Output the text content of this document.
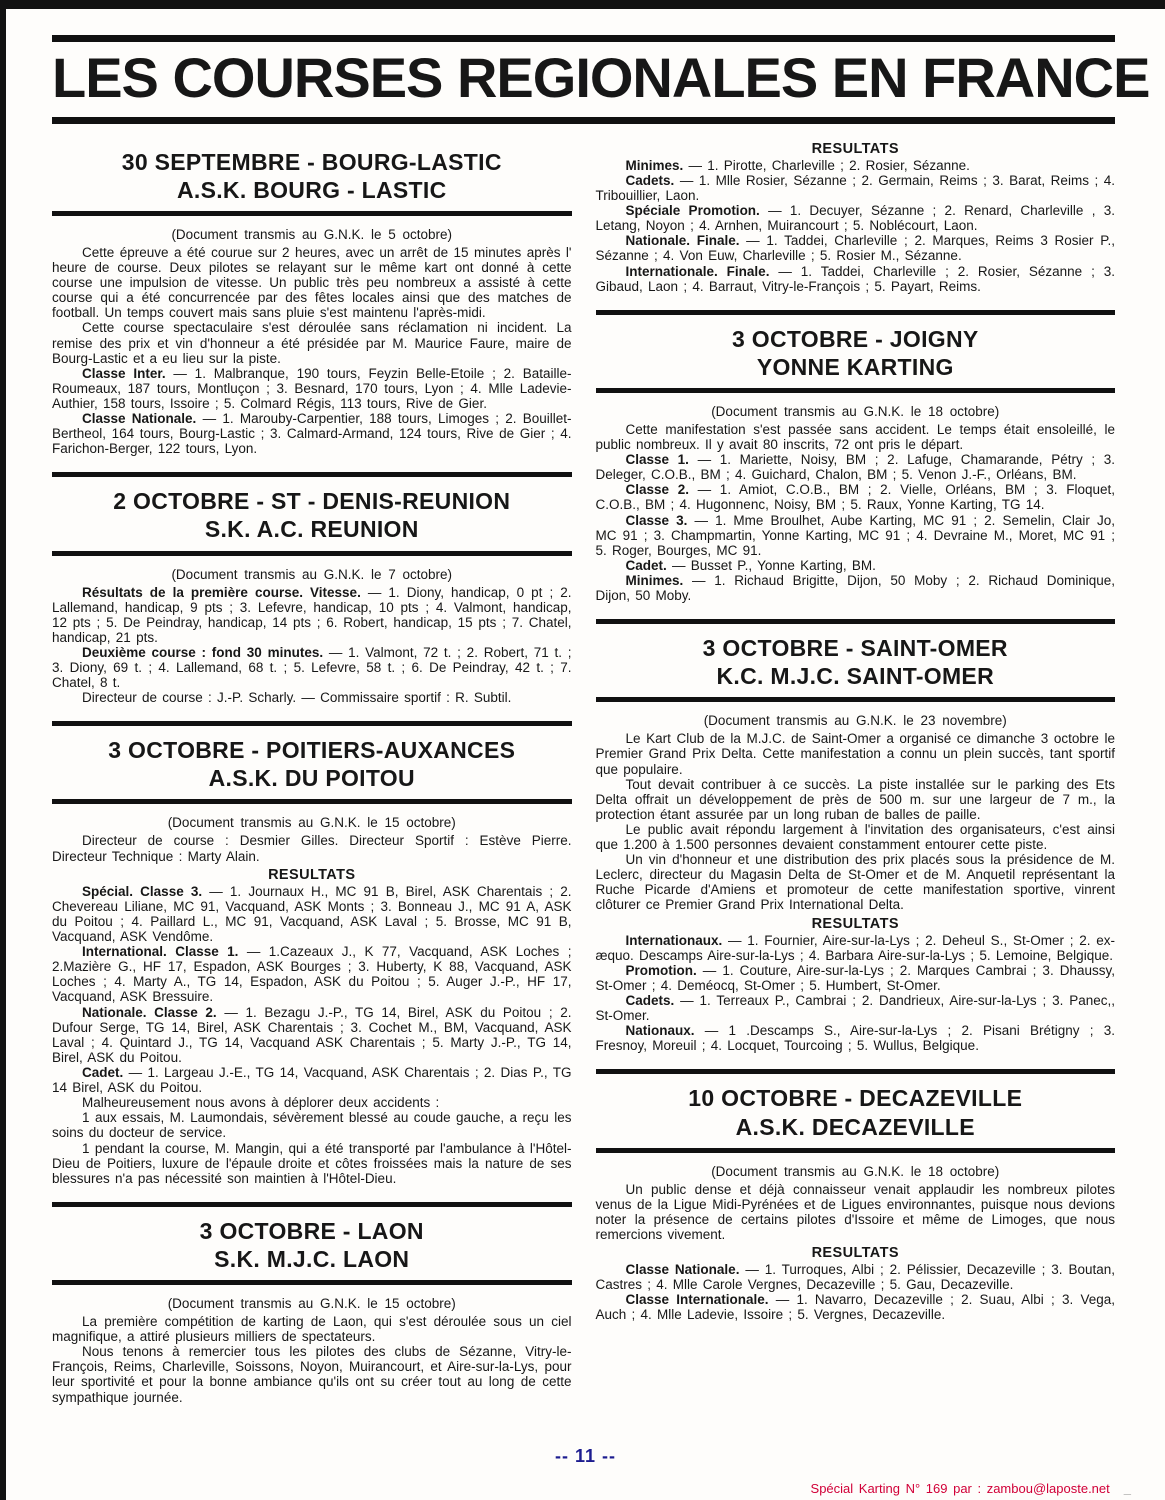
LES COURSES REGIONALES EN FRANCE
30 SEPTEMBRE - BOURG-LASTIC
A.S.K. BOURG - LASTIC
(Document transmis au G.N.K. le 5 octobre)

Cette épreuve a été courue sur 2 heures, avec un arrêt de 15 minutes après l' heure de course. Deux pilotes se relayant sur le même kart ont donné à cette course une impulsion de vitesse. Un public très peu nombreux a assisté à cette course qui a été concurrencée par des fêtes locales ainsi que des matches de football. Un temps couvert mais sans pluie s'est maintenu l'après-midi.

Cette course spectaculaire s'est déroulée sans réclamation ni incident. La remise des prix et vin d'honneur a été présidée par M. Maurice Faure, maire de Bourg-Lastic et a eu lieu sur la piste.

Classe Inter. — 1. Malbranque, 190 tours, Feyzin Belle-Etoile ; 2. Bataille-Roumeaux, 187 tours, Montluçon ; 3. Besnard, 170 tours, Lyon ; 4. Mlle Ladevie-Authier, 158 tours, Issoire ; 5. Colmard Régis, 113 tours, Rive de Gier.

Classe Nationale. — 1. Marouby-Carpentier, 188 tours, Limoges ; 2. Bouillet-Bertheol, 164 tours, Bourg-Lastic ; 3. Calmard-Armand, 124 tours, Rive de Gier ; 4. Farichon-Berger, 122 tours, Lyon.

2 OCTOBRE - ST - DENIS-REUNION
S.K. A.C. REUNION
(Document transmis au G.N.K. le 7 octobre)

Résultats de la première course. Vitesse. — 1. Diony, handicap, 0 pt ; 2. Lallemand, handicap, 9 pts ; 3. Lefevre, handicap, 10 pts ; 4. Valmont, handicap, 12 pts ; 5. De Peindray, handicap, 14 pts ; 6. Robert, handicap, 15 pts ; 7. Chatel, handicap, 21 pts.

Deuxième course : fond 30 minutes. — 1. Valmont, 72 t. ; 2. Robert, 71 t. ; 3. Diony, 69 t. ; 4. Lallemand, 68 t. ; 5. Lefevre, 58 t. ; 6. De Peindray, 42 t. ; 7. Chatel, 8 t.

Directeur de course : J.-P. Scharly. — Commissaire sportif : R. Subtil.

3 OCTOBRE - POITIERS-AUXANCES
A.S.K. DU POITOU
(Document transmis au G.N.K. le 15 octobre)

Directeur de course : Desmier Gilles. Directeur Sportif : Estève Pierre. Directeur Technique : Marty Alain.

RESULTATS

Spécial. Classe 3. — 1. Journaux H., MC 91 B, Birel, ASK Charentais ; 2. Chevereau Liliane, MC 91, Vacquand, ASK Monts ; 3. Bonneau J., MC 91 A, ASK du Poitou ; 4. Paillard L., MC 91, Vacquand, ASK Laval ; 5. Brosse, MC 91 B, Vacquand, ASK Vendôme.

International. Classe 1. — 1.Cazeaux J., K 77, Vacquand, ASK Loches ; 2.Mazière G., HF 17, Espadon, ASK Bourges ; 3. Huberty, K 88, Vacquand, ASK Loches ; 4. Marty A., TG 14, Espadon, ASK du Poitou ; 5. Auger J.-P., HF 17, Vacquand, ASK Bressuire.

Nationale. Classe 2. — 1. Bezagu J.-P., TG 14, Birel, ASK du Poitou ; 2. Dufour Serge, TG 14, Birel, ASK Charentais ; 3. Cochet M., BM, Vacquand, ASK Laval ; 4. Quintard J., TG 14, Vacquand ASK Charentais ; 5. Marty J.-P., TG 14, Birel, ASK du Poitou.

Cadet. — 1. Largeau J.-E., TG 14, Vacquand, ASK Charentais ; 2. Dias P., TG 14 Birel, ASK du Poitou.

Malheureusement nous avons à déplorer deux accidents :

1 aux essais, M. Laumondais, sévèrement blessé au coude gauche, a reçu les soins du docteur de service.

1 pendant la course, M. Mangin, qui a été transporté par l'ambulance à l'Hôtel-Dieu de Poitiers, luxure de l'épaule droite et côtes froissées mais la nature de ses blessures n'a pas nécessité son maintien à l'Hôtel-Dieu.

3 OCTOBRE - LAON
S.K. M.J.C. LAON
(Document transmis au G.N.K. le 15 octobre)

La première compétition de karting de Laon, qui s'est déroulée sous un ciel magnifique, a attiré plusieurs milliers de spectateurs.

Nous tenons à remercier tous les pilotes des clubs de Sézanne, Vitry-le-François, Reims, Charleville, Soissons, Noyon, Muirancourt, et Aire-sur-la-Lys, pour leur sportivité et pour la bonne ambiance qu'ils ont su créer tout au long de cette sympathique journée.

RESULTATS

Minimes. — 1. Pirotte, Charleville ; 2. Rosier, Sézanne.

Cadets. — 1. Mlle Rosier, Sézanne ; 2. Germain, Reims ; 3. Barat, Reims ; 4. Tribouillier, Laon.

Spéciale Promotion. — 1. Decuyer, Sézanne ; 2. Renard, Charleville , 3. Letang, Noyon ; 4. Arnhen, Muirancourt ; 5. Noblécourt, Laon.

Nationale. Finale. — 1. Taddei, Charleville ; 2. Marques, Reims 3 Rosier P., Sézanne ; 4. Von Euw, Charleville ; 5. Rosier M., Sézanne.

Internationale. Finale. — 1. Taddei, Charleville ; 2. Rosier, Sézanne ; 3. Gibaud, Laon ; 4. Barraut, Vitry-le-François ; 5. Payart, Reims.

3 OCTOBRE - JOIGNY
YONNE KARTING
(Document transmis au G.N.K. le 18 octobre)

Cette manifestation s'est passée sans accident. Le temps était ensoleillé, le public nombreux. Il y avait 80 inscrits, 72 ont pris le départ.

Classe 1. — 1. Mariette, Noisy, BM ; 2. Lafuge, Chamarande, Pétry ; 3. Deleger, C.O.B., BM ; 4. Guichard, Chalon, BM ; 5. Venon J.-F., Orléans, BM.

Classe 2. — 1. Amiot, C.O.B., BM ; 2. Vielle, Orléans, BM ; 3. Floquet, C.O.B., BM ; 4. Hugonnenc, Noisy, BM ; 5. Raux, Yonne Karting, TG 14.

Classe 3. — 1. Mme Broulhet, Aube Karting, MC 91 ; 2. Semelin, Clair Jo, MC 91 ; 3. Champmartin, Yonne Karting, MC 91 ; 4. Devraine M., Moret, MC 91 ; 5. Roger, Bourges, MC 91.

Cadet. — Busset P., Yonne Karting, BM.

Minimes. — 1. Richaud Brigitte, Dijon, 50 Moby ; 2. Richaud Dominique, Dijon, 50 Moby.

3 OCTOBRE - SAINT-OMER
K.C. M.J.C. SAINT-OMER
(Document transmis au G.N.K. le 23 novembre)

Le Kart Club de la M.J.C. de Saint-Omer a organisé ce dimanche 3 octobre le Premier Grand Prix Delta. Cette manifestation a connu un plein succès, tant sportif que populaire.

Tout devait contribuer à ce succès. La piste installée sur le parking des Ets Delta offrait un développement de près de 500 m. sur une largeur de 7 m., la protection étant assurée par un long ruban de balles de paille.

Le public avait répondu largement à l'invitation des organisateurs, c'est ainsi que 1.200 à 1.500 personnes devaient constamment entourer cette piste.

Un vin d'honneur et une distribution des prix placés sous la présidence de M. Leclerc, directeur du Magasin Delta de St-Omer et de M. Anquetil représentant la Ruche Picarde d'Amiens et promoteur de cette manifestation sportive, vinrent clôturer ce Premier Grand Prix International Delta.

RESULTATS

Internationaux. — 1. Fournier, Aire-sur-la-Lys ; 2. Deheul S., St-Omer ; 2. ex-æquo. Descamps Aire-sur-la-Lys ; 4. Barbara Aire-sur-la-Lys ; 5. Lemoine, Belgique.

Promotion. — 1. Couture, Aire-sur-la-Lys ; 2. Marques Cambrai ; 3. Dhaussy, St-Omer ; 4. Deméocq, St-Omer ; 5. Humbert, St-Omer.

Cadets. — 1. Terreaux P., Cambrai ; 2. Dandrieux, Aire-sur-la-Lys ; 3. Panec,, St-Omer.

Nationaux. — 1 .Descamps S., Aire-sur-la-Lys ; 2. Pisani Brétigny ; 3. Fresnoy, Moreuil ; 4. Locquet, Tourcoing ; 5. Wullus, Belgique.

10 OCTOBRE - DECAZEVILLE
A.S.K. DECAZEVILLE
(Document transmis au G.N.K. le 18 octobre)

Un public dense et déjà connaisseur venait applaudir les nombreux pilotes venus de la Ligue Midi-Pyrénées et de Ligues environnantes, puisque nous devions noter la présence de certains pilotes d'Issoire et même de Limoges, que nous remercions vivement.

RESULTATS

Classe Nationale. — 1. Turroques, Albi ; 2. Pélissier, Decazeville ; 3. Boutan, Castres ; 4. Mlle Carole Vergnes, Decazeville ; 5. Gau, Decazeville.

Classe Internationale. — 1. Navarro, Decazeville ; 2. Suau, Albi ; 3. Vega, Auch ; 4. Mlle Ladevie, Issoire ; 5. Vergnes, Decazeville.

-- 11 --
Spécial Karting N° 169 par : zambou@laposte.net _
